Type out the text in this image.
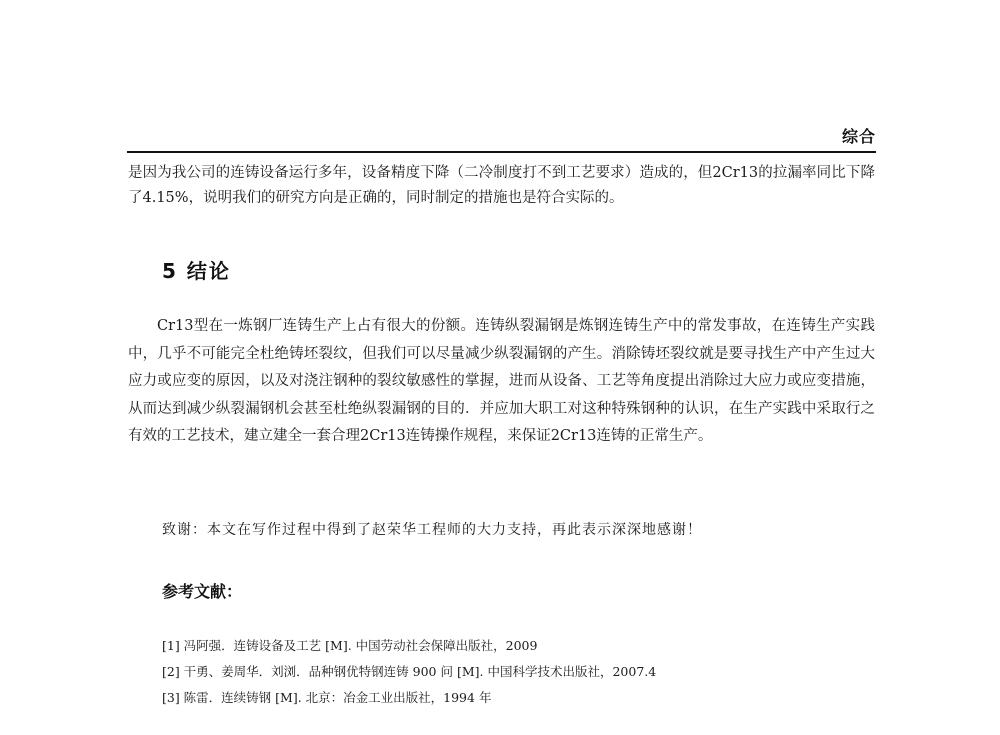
综合

是因为我公司的连铸设备运行多年，设备精度下降（二冷制度打不到工艺要求）造成的，但2Cr13的拉漏率同比下降了4.15%，说明我们的研究方向是正确的，同时制定的措施也是符合实际的。

5 结论

Cr13型在一炼钢厂连铸生产上占有很大的份额。连铸纵裂漏钢是炼钢连铸生产中的常发事故，在连铸生产实践中，几乎不可能完全杜绝铸坯裂纹，但我们可以尽量减少纵裂漏钢的产生。消除铸坯裂纹就是要寻找生产中产生过大应力或应变的原因，以及对浇注钢种的裂纹敏感性的掌握，进而从设备、工艺等角度提出消除过大应力或应变措施，从而达到减少纵裂漏钢机会甚至杜绝纵裂漏钢的目的．并应加大职工对这种特殊钢种的认识，在生产实践中采取行之有效的工艺技术，建立建全一套合理2Cr13连铸操作规程，来保证2Cr13连铸的正常生产。

致谢：本文在写作过程中得到了赵荣华工程师的大力支持，再此表示深深地感谢！

参考文献：
[1] 冯阿强．连铸设备及工艺 [M]. 中国劳动社会保障出版社，2009
[2] 干勇、姜周华．刘浏．品种钢优特钢连铸 900 问 [M]. 中国科学技术出版社，2007.4
[3] 陈雷．连续铸钢 [M]. 北京：冶金工业出版社，1994 年
